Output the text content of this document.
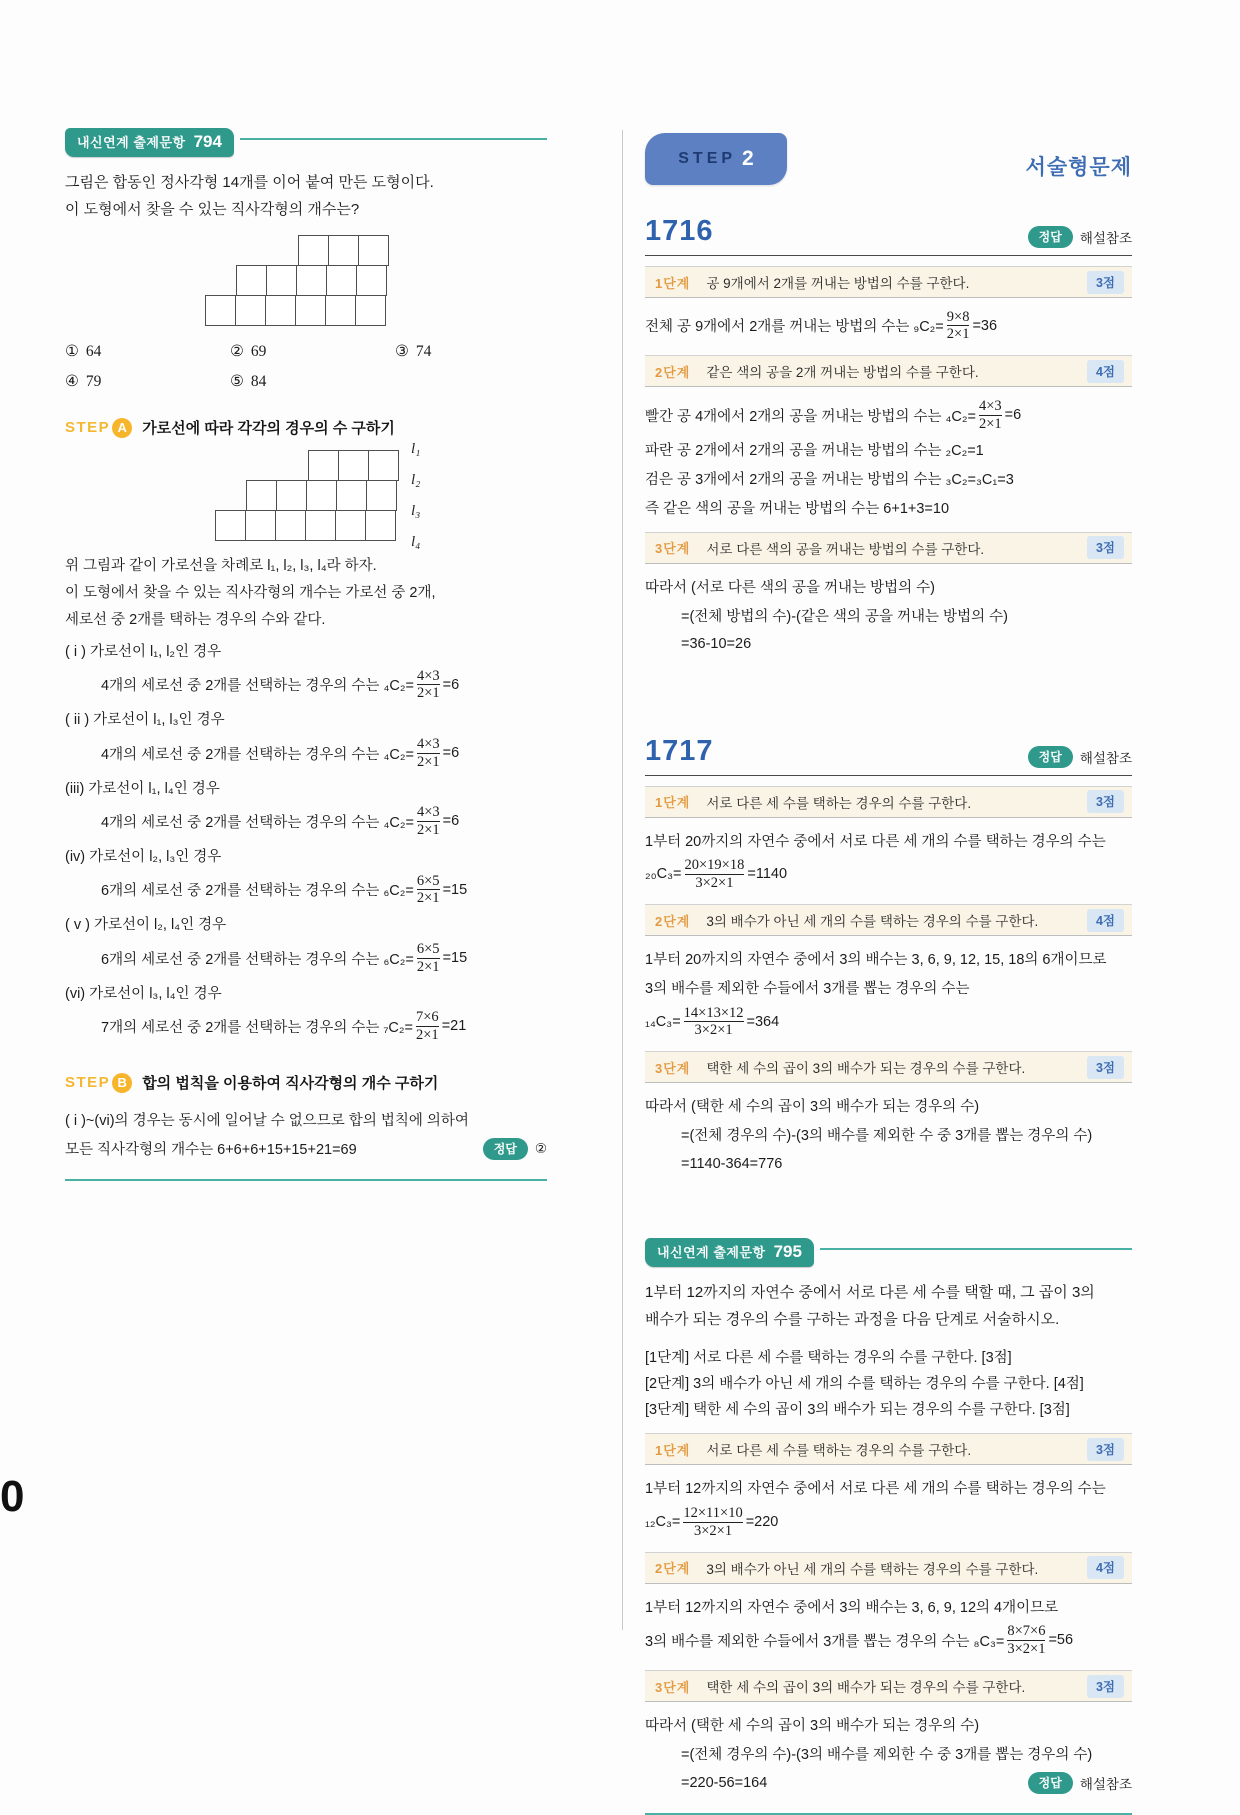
0
내신연계 출제문항 794
그림은 합동인 정사각형 14개를 이어 붙여 만든 도형이다.
이 도형에서 찾을 수 있는 직사각형의 개수는?
① 64	② 69	③ 74
④ 79	⑤ 84
STEP A	가로선에 따라 각각의 경우의 수 구하기
l₁
l₂
l₃
l₄
위 그림과 같이 가로선을 차례로 l₁, l₂, l₃, l₄라 하자.
이 도형에서 찾을 수 있는 직사각형의 개수는 가로선 중 2개,
세로선 중 2개를 택하는 경우의 수와 같다.
( i ) 가로선이 l₁, l₂인 경우
4개의 세로선 중 2개를 선택하는 경우의 수는 $_4C_2= \frac{4\times 3}{2\times 1} =6$
( ii ) 가로선이 l₁, l₃인 경우
4개의 세로선 중 2개를 선택하는 경우의 수는 $_4C_2= \frac{4\times 3}{2\times 1} =6$
(iii) 가로선이 l₁, l₄인 경우
4개의 세로선 중 2개를 선택하는 경우의 수는 $_4C_2= \frac{4\times 3}{2\times 1} =6$
(iv) 가로선이 l₂, l₃인 경우
6개의 세로선 중 2개를 선택하는 경우의 수는 $_6C_2= \frac{6\times 5}{2\times 1} =15$
( v ) 가로선이 l₂, l₄인 경우
6개의 세로선 중 2개를 선택하는 경우의 수는 $_6C_2= \frac{6\times 5}{2\times 1} =15$
(vi) 가로선이 l₃, l₄인 경우
7개의 세로선 중 2개를 선택하는 경우의 수는 $_7C_2= \frac{7\times 6}{2\times 1} =21$
STEP B	합의 법칙을 이용하여 직사각형의 개수 구하기
( i )~(vi)의 경우는 동시에 일어날 수 없으므로 합의 법칙에 의하여
모든 직사각형의 개수는 6+6+6+15+15+21=69	정답	②
STEP 2	서술형문제
1716	정답	해설참조
1단계 공 9개에서 2개를 꺼내는 방법의 수를 구한다.	3점
전체 공 9개에서 2개를 꺼내는 방법의 수는 $_9C_2= \frac{9\times 8}{2\times 1} =36$
2단계 같은 색의 공을 2개 꺼내는 방법의 수를 구한다.	4점
빨간 공 4개에서 2개의 공을 꺼내는 방법의 수는 $_4C_2= \frac{4\times 3}{2\times 1} =6$
파란 공 2개에서 2개의 공을 꺼내는 방법의 수는 ₂C₂=1
검은 공 3개에서 2개의 공을 꺼내는 방법의 수는 ₃C₂=₃C₁=3
즉 같은 색의 공을 꺼내는 방법의 수는 6+1+3=10
3단계 서로 다른 색의 공을 꺼내는 방법의 수를 구한다.	3점
따라서 (서로 다른 색의 공을 꺼내는 방법의 수)
=(전체 방법의 수)-(같은 색의 공을 꺼내는 방법의 수)
=36-10=26
1717	정답	해설참조
1단계 서로 다른 세 수를 택하는 경우의 수를 구한다.	3점
1부터 20까지의 자연수 중에서 서로 다른 세 개의 수를 택하는 경우의 수는
$_{20}C_3= \frac{20\times 19\times 18}{3\times 2\times 1} =1140$
2단계 3의 배수가 아닌 세 개의 수를 택하는 경우의 수를 구한다.	4점
1부터 20까지의 자연수 중에서 3의 배수는 3, 6, 9, 12, 15, 18의 6개이므로
3의 배수를 제외한 수들에서 3개를 뽑는 경우의 수는
$_{14}C_3= \frac{14\times 13\times 12}{3\times 2\times 1} =364$
3단계 택한 세 수의 곱이 3의 배수가 되는 경우의 수를 구한다.	3점
따라서 (택한 세 수의 곱이 3의 배수가 되는 경우의 수)
=(전체 경우의 수)-(3의 배수를 제외한 수 중 3개를 뽑는 경우의 수)
=1140-364=776
내신연계 출제문항 795
1부터 12까지의 자연수 중에서 서로 다른 세 수를 택할 때, 그 곱이 3의
배수가 되는 경우의 수를 구하는 과정을 다음 단계로 서술하시오.
[1단계] 서로 다른 세 수를 택하는 경우의 수를 구한다. [3점]
[2단계] 3의 배수가 아닌 세 개의 수를 택하는 경우의 수를 구한다. [4점]
[3단계] 택한 세 수의 곱이 3의 배수가 되는 경우의 수를 구한다. [3점]
1단계 서로 다른 세 수를 택하는 경우의 수를 구한다.	3점
1부터 12까지의 자연수 중에서 서로 다른 세 개의 수를 택하는 경우의 수는
$_{12}C_3= \frac{12\times 11\times 10}{3\times 2\times 1} =220$
2단계 3의 배수가 아닌 세 개의 수를 택하는 경우의 수를 구한다.	4점
1부터 12까지의 자연수 중에서 3의 배수는 3, 6, 9, 12의 4개이므로
3의 배수를 제외한 수들에서 3개를 뽑는 경우의 수는 $_8C_3= \frac{8\times 7\times 6}{3\times 2\times 1} =56$
3단계 택한 세 수의 곱이 3의 배수가 되는 경우의 수를 구한다.	3점
따라서 (택한 세 수의 곱이 3의 배수가 되는 경우의 수)
=(전체 경우의 수)-(3의 배수를 제외한 수 중 3개를 뽑는 경우의 수)
=220-56=164	정답	해설참조
